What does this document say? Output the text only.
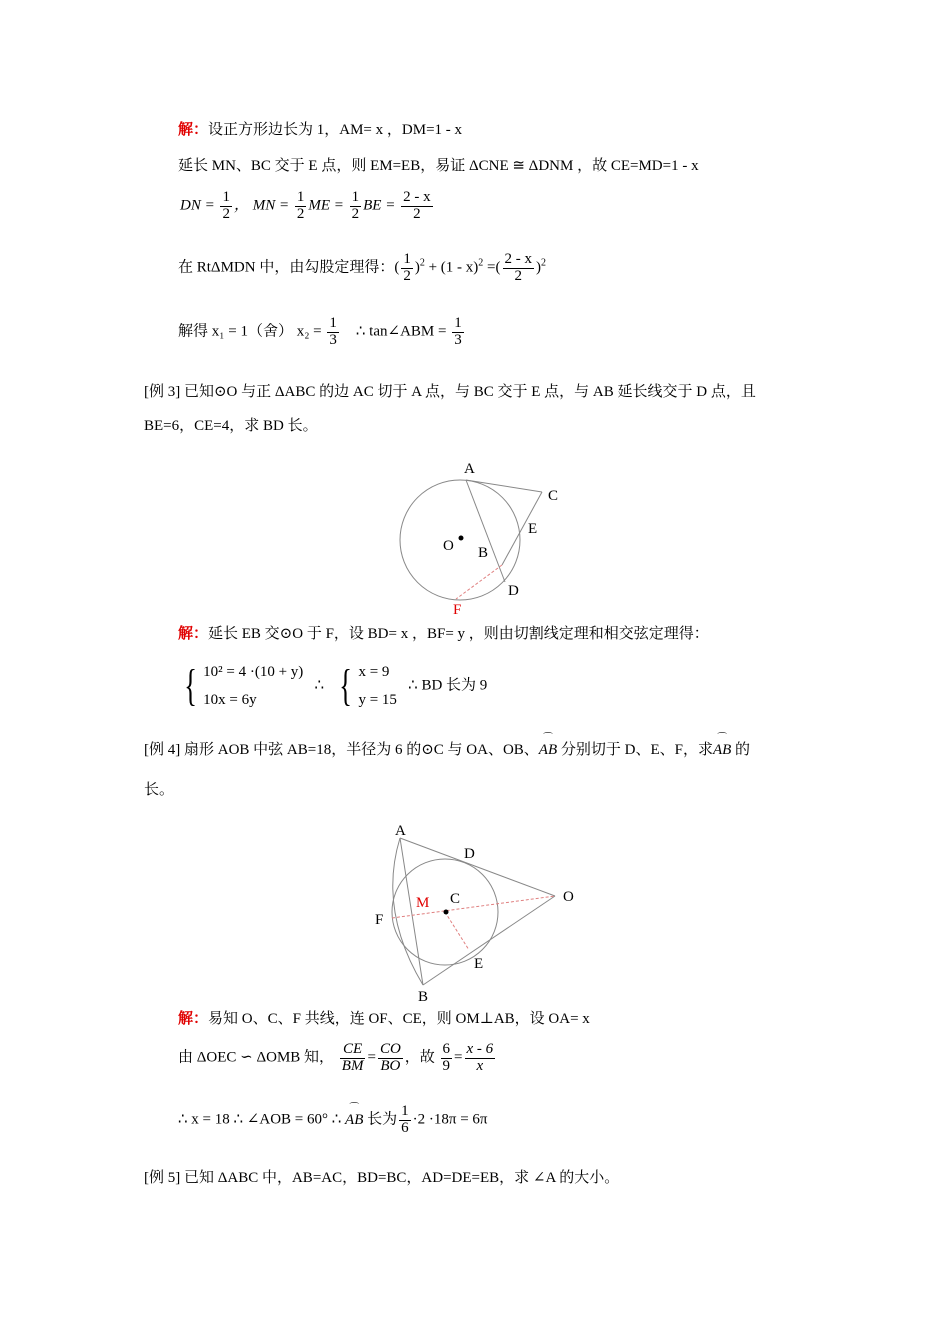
解：设正方形边长为 1，AM= x ，DM=1 - x
延长 MN、BC 交于 E 点，则 EM=EB，易证 ΔCNE ≅ ΔDNM ，故 CE=MD=1 - x
DN = $\frac{1}{2}$ ， MN = $\frac{1}{2}$ ME = $\frac{1}{2}$ BE = $\frac{2 - x}{2}$
在 RtΔMDN 中，由勾股定理得：( $\frac{1}{2} )^2 + (1 - x)^2$ =( $\frac{2 - x}{2} )^2$
解得 x₁ = 1（舍） $x_2 = \frac{1}{3}$ ∴ tan∠ABM = $\frac{1}{3}$
[例 3] 已知⊙O 与正 ΔABC 的边 AC 切于 A 点，与 BC 交于 E 点，与 AB 延长线交于 D 点，且
BE=6，CE=4，求 BD 长。
A
C
E
O B
D
F
解：延长 EB 交⊙O 于 F，设 BD= x ，BF= y ，则由切割线定理和相交弦定理得：
{ 10² = 4 ·(10 + y)
10x = 6y   ∴ { x = 9
y = 15   ∴ BD 长为 9
[例 4] 扇形 AOB 中弦 AB=18，半径为 6 的⊙C 与 OA、OB、⌒ AB 分别切于 D、E、F，求⌒ AB 的
长。
A
D
O
M C
F
E
B
解：易知 O、C、F 共线，连 OF、CE，则 OM⊥AB，设 OA= x
由 ΔOEC ∽ ΔOMB 知， $\frac{CE}{BM} = \frac{CO}{BO}$ ，故 $\frac{6}{9} = \frac{x - 6}{x}$
∴ x = 18 ∴ ∠AOB = 60° ∴ ⌒ AB 长为 $\frac{1}{6} \cdot 2 \cdot 18\pi = 6\pi$
[例 5] 已知 ΔABC 中，AB=AC，BD=BC，AD=DE=EB，求 ∠A 的大小。
